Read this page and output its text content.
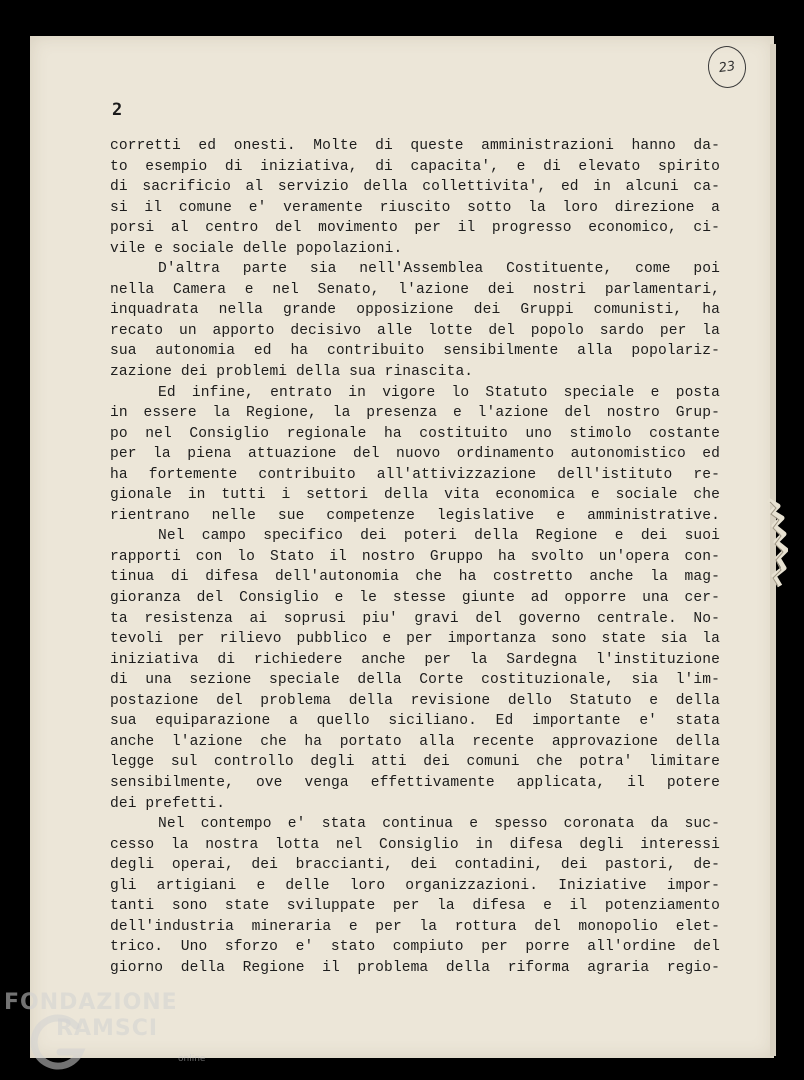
23
2
corretti ed onesti. Molte di queste amministrazioni hanno da-
to esempio di iniziativa, di capacita', e di elevato spirito
di sacrificio al servizio della collettivita', ed in alcuni ca-
si il comune e' veramente riuscito sotto la loro direzione a
porsi al centro del movimento per il progresso economico, ci-
vile e sociale delle popolazioni.
D'altra parte sia nell'Assemblea Costituente, come poi
nella Camera e nel Senato, l'azione dei nostri parlamentari,
inquadrata nella grande opposizione dei Gruppi comunisti, ha
recato un apporto decisivo alle lotte del popolo sardo per la
sua autonomia ed ha contribuito sensibilmente alla popolariz-
zazione dei problemi della sua rinascita.
Ed infine, entrato in vigore lo Statuto speciale e posta
in essere la Regione, la presenza e l'azione del nostro Grup-
po nel Consiglio regionale ha costituito uno stimolo costante
per la piena attuazione del nuovo ordinamento autonomistico ed
ha fortemente contribuito all'attivizzazione dell'istituto re-
gionale in tutti i settori della vita economica e sociale che
rientrano nelle sue competenze legislative e amministrative.
Nel campo specifico dei poteri della Regione e dei suoi
rapporti con lo Stato il nostro Gruppo ha svolto un'opera con-
tinua di difesa dell'autonomia che ha costretto anche la mag-
gioranza del Consiglio e le stesse giunte ad opporre una cer-
ta resistenza ai soprusi piu' gravi del governo centrale. No-
tevoli per rilievo pubblico e per importanza sono state sia la
iniziativa di richiedere anche per la Sardegna l'instituzione
di una sezione speciale della Corte costituzionale, sia l'im-
postazione del problema della revisione dello Statuto e della
sua equiparazione a quello siciliano. Ed importante e' stata
anche l'azione che ha portato alla recente approvazione della
legge sul controllo degli atti dei comuni che potra' limitare
sensibilmente, ove venga effettivamente applicata, il potere
dei prefetti.
Nel contempo e' stata continua e spesso coronata da suc-
cesso la nostra lotta nel Consiglio in difesa degli interessi
degli operai, dei braccianti, dei contadini, dei pastori, de-
gli artigiani e delle loro organizzazioni. Iniziative impor-
tanti sono state sviluppate per la difesa e il potenziamento
dell'industria mineraria e per la rottura del monopolio elet-
trico. Uno sforzo e' stato compiuto per porre all'ordine del
giorno della Regione il problema della riforma agraria regio-
FONDAZIONE
RAMSCI
online
